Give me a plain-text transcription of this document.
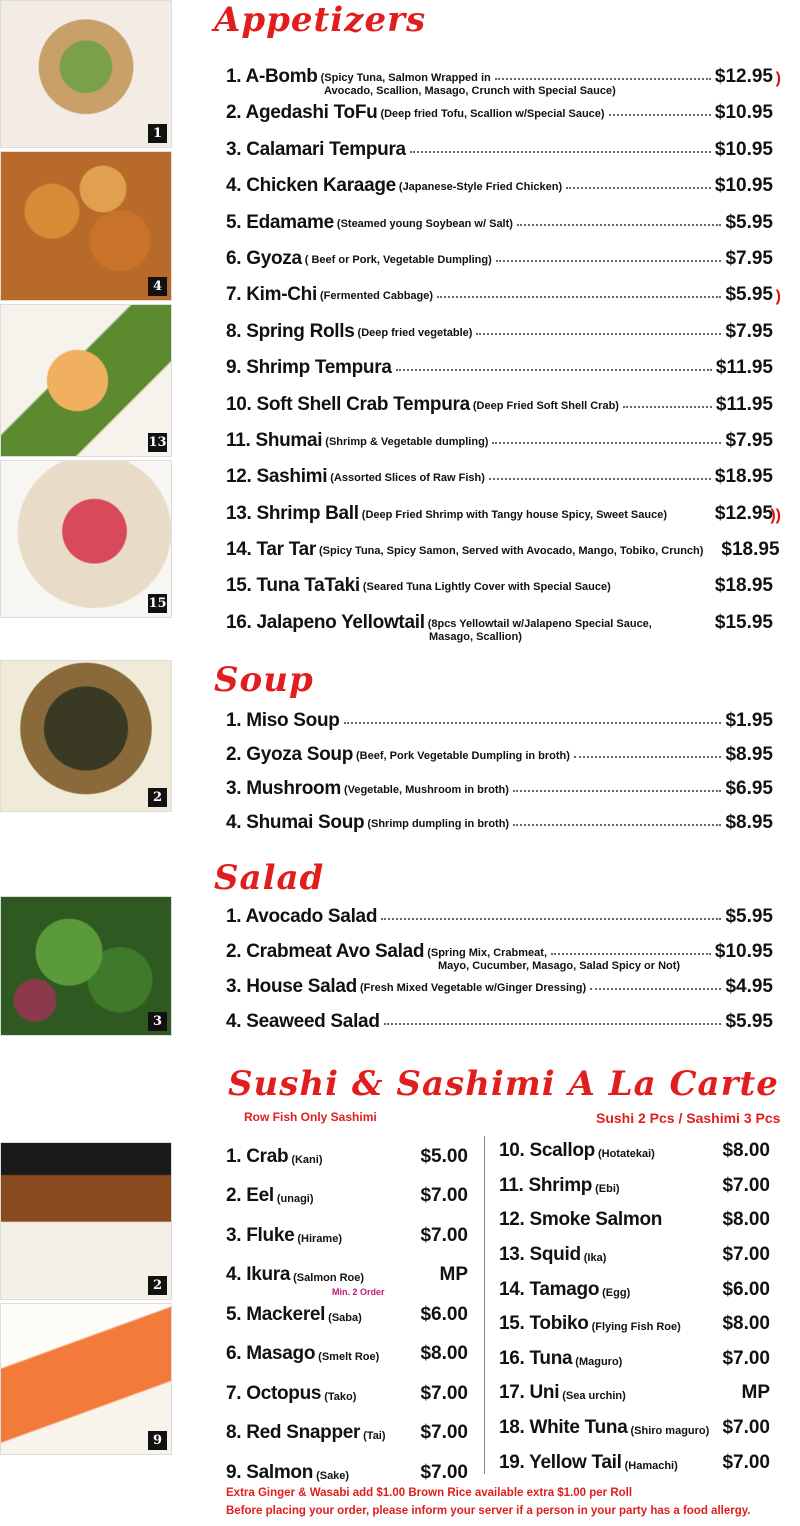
1
4
13
15
2
3
2
9
Appetizers
1. A-Bomb (Spicy Tuna, Salmon Wrapped in
Avocado, Scallion, Masago, Crunch with Special Sauce)
$12.95 )
2. Agedashi ToFu (Deep fried Tofu, Scallion w/Special Sauce)	$10.95
3. Calamari Tempura	$10.95
4. Chicken Karaage (Japanese-Style Fried Chicken)	$10.95
5. Edamame (Steamed young Soybean w/ Salt)	$5.95
6. Gyoza ( Beef or Pork, Vegetable Dumpling)	$7.95
7. Kim-Chi (Fermented Cabbage)	$5.95 )
8. Spring Rolls (Deep fried vegetable)	$7.95
9. Shrimp Tempura	$11.95
10. Soft Shell Crab Tempura (Deep Fried Soft Shell Crab)	$11.95
11. Shumai (Shrimp & Vegetable dumpling)	$7.95
12. Sashimi (Assorted Slices of Raw Fish)	$18.95
13. Shrimp Ball (Deep Fried Shrimp with Tangy house Spicy, Sweet Sauce)	$12.95
))
14. Tar Tar (Spicy Tuna, Spicy Samon, Served with Avocado, Mango, Tobiko, Crunch) $18.95
15. Tuna TaTaki (Seared Tuna Lightly Cover with Special Sauce)	$18.95
16. Jalapeno Yellowtail (8pcs Yellowtail w/Jalapeno Special Sauce,
Masago, Scallion)
$15.95
Soup
1. Miso Soup	$1.95
2. Gyoza Soup (Beef, Pork Vegetable Dumpling in broth)	$8.95
3. Mushroom (Vegetable, Mushroom in broth)	$6.95
4. Shumai Soup (Shrimp dumpling in broth)	$8.95
Salad
1. Avocado Salad	$5.95
2. Crabmeat Avo Salad (Spring Mix, Crabmeat,
Mayo, Cucumber, Masago, Salad Spicy or Not)
$10.95
3. House Salad (Fresh Mixed Vegetable w/Ginger Dressing)	$4.95
4. Seaweed Salad	$5.95
Sushi & Sashimi A La Carte
Row Fish Only Sashimi	Sushi 2 Pcs / Sashimi 3 Pcs
Min. 2 Order
1. Crab (Kani)	$5.00
2. Eel (unagi)	$7.00
3. Fluke (Hirame)	$7.00
4. Ikura (Salmon Roe)	MP
5. Mackerel (Saba)	$6.00
6. Masago (Smelt Roe) $8.00
7. Octopus (Tako)	$7.00
8. Red Snapper (Tai) $7.00
9. Salmon (Sake)	$7.00
10. Scallop (Hotatekai)	$8.00
11. Shrimp (Ebi)	$7.00
12. Smoke Salmon	$8.00
13. Squid (Ika)	$7.00
14. Tamago (Egg)	$6.00
15. Tobiko (Flying Fish Roe) $8.00
16. Tuna (Maguro)	$7.00
17. Uni (Sea urchin)	MP
18. White Tuna (Shiro maguro) $7.00
19. Yellow Tail (Hamachi) $7.00
Extra Ginger & Wasabi add $1.00 Brown Rice available extra $1.00 per Roll
Before placing your order, please inform your server if a person in your party has a food allergy.
